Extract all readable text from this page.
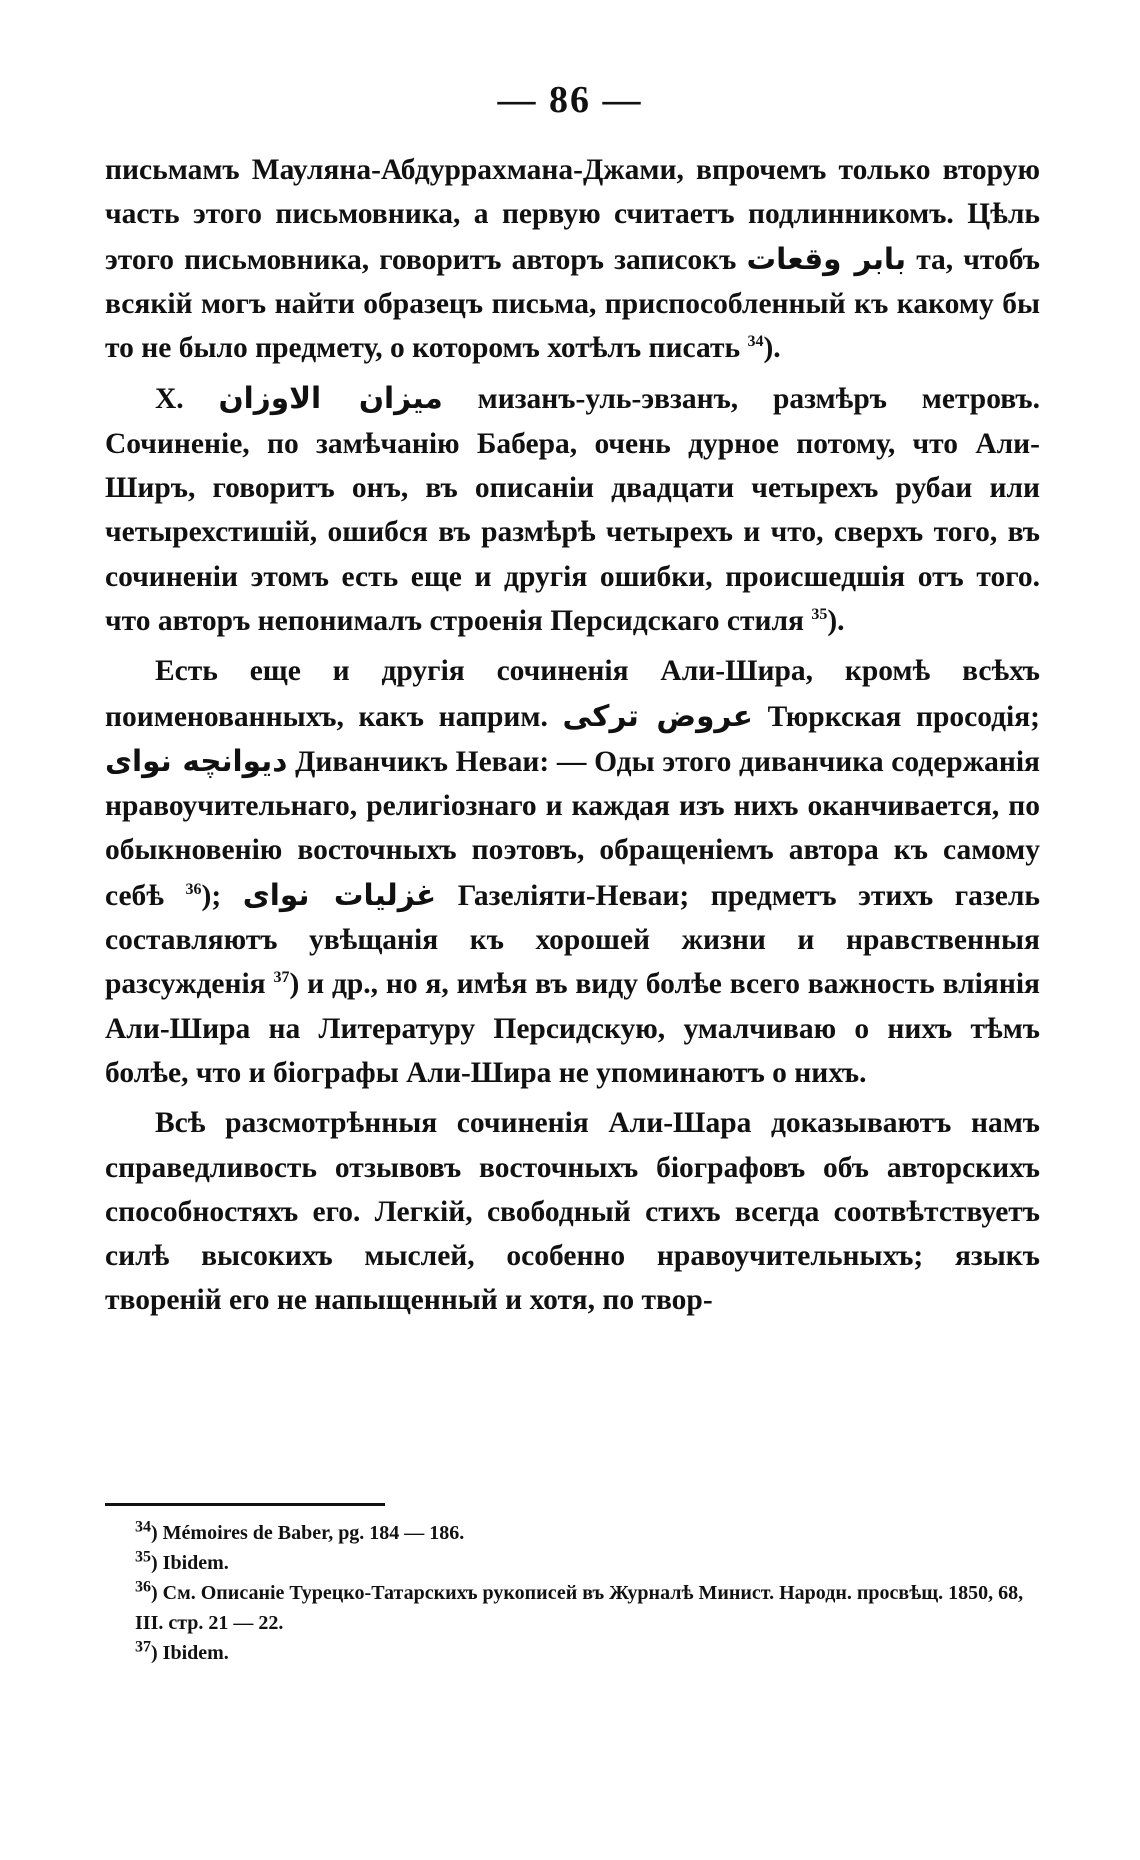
— 86 —

письмамъ Мауляна-Абдуррахмана-Джами, впрочемъ только вторую часть этого письмовника, а первую считаетъ подлинникомъ. Цѣль этого письмовника, говоритъ авторъ записокъ بابر وقعات та, чтобъ всякій могъ найти образецъ письма, приспособленный къ какому бы то не было предмету, о которомъ хотѣлъ писать $^{34}$).

X. ميزان الاوزان мизанъ-уль-эвзанъ, размѣръ метровъ. Сочиненіе, по замѣчанію Бабера, очень дурное потому, что Али-Ширъ, говоритъ онъ, въ описаніи двадцати четырехъ рубаи или четырехстишій, ошибся въ размѣрѣ четырехъ и что, сверхъ того, въ сочиненіи этомъ есть еще и другія ошибки, происшедшія отъ того. что авторъ непонималъ строенія Персидскаго стиля $^{35}$).

Есть еще и другія сочиненія Али-Шира, кромѣ всѣхъ поименованныхъ, какъ наприм. عروض تركى Тюркская просодія; ديوانچه نواى Диванчикъ Неваи: — Оды этого диванчика содержанія нравоучительнаго, религіознаго и каждая изъ нихъ оканчивается, по обыкновенію восточныхъ поэтовъ, обращеніемъ автора къ самому себѣ $^{36}$); غزليات نواى Газеліяти-Неваи; предметъ этихъ газель составляютъ увѣщанія къ хорошей жизни и нравственныя разсужденія $^{37}$) и др., но я, имѣя въ виду болѣе всего важность вліянія Али-Шира на Литературу Персидскую, умалчиваю о нихъ тѣмъ болѣе, что и біографы Али-Шира не упоминаютъ о нихъ.

Всѣ разсмотрѣнныя сочиненія Али-Шара доказываютъ намъ справедливость отзывовъ восточныхъ біографовъ объ авторскихъ способностяхъ его. Легкій, свободный стихъ всегда соотвѣтствуетъ силѣ высокихъ мыслей, особенно нравоучительныхъ; языкъ творенiй его не напыщенный и хотя, по твор-

$^{34}$) Mémoires de Baber, pg. 184 — 186.

$^{35}$) Ibidem.

$^{36}$) См. Описаніе Турецко-Татарскихъ рукописей въ Журналѣ Минист. Народн. просвѣщ. 1850, 68, III. стр. 21 — 22.

$^{37}$) Ibidem.
